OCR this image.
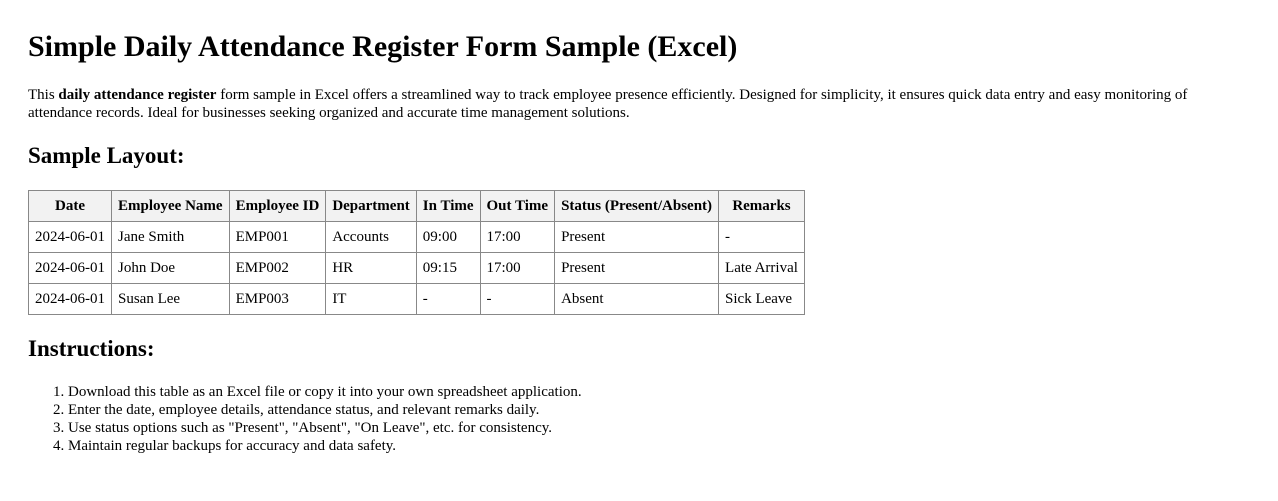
Simple Daily Attendance Register Form Sample (Excel)

This daily attendance register form sample in Excel offers a streamlined way to track employee presence efficiently. Designed for simplicity, it ensures quick data entry and easy monitoring of attendance records. Ideal for businesses seeking organized and accurate time management solutions.

Sample Layout:
Date	Employee Name	Employee ID	Department	In Time	Out Time	Status (Present/Absent)	Remarks
2024-06-01	Jane Smith	EMP001	Accounts	09:00	17:00	Present	-
2024-06-01	John Doe	EMP002	HR	09:15	17:00	Present	Late Arrival
2024-06-01	Susan Lee	EMP003	IT	-	-	Absent	Sick Leave
Instructions:
1. Download this table as an Excel file or copy it into your own spreadsheet application.
2. Enter the date, employee details, attendance status, and relevant remarks daily.
3. Use status options such as "Present", "Absent", "On Leave", etc. for consistency.
4. Maintain regular backups for accuracy and data safety.
